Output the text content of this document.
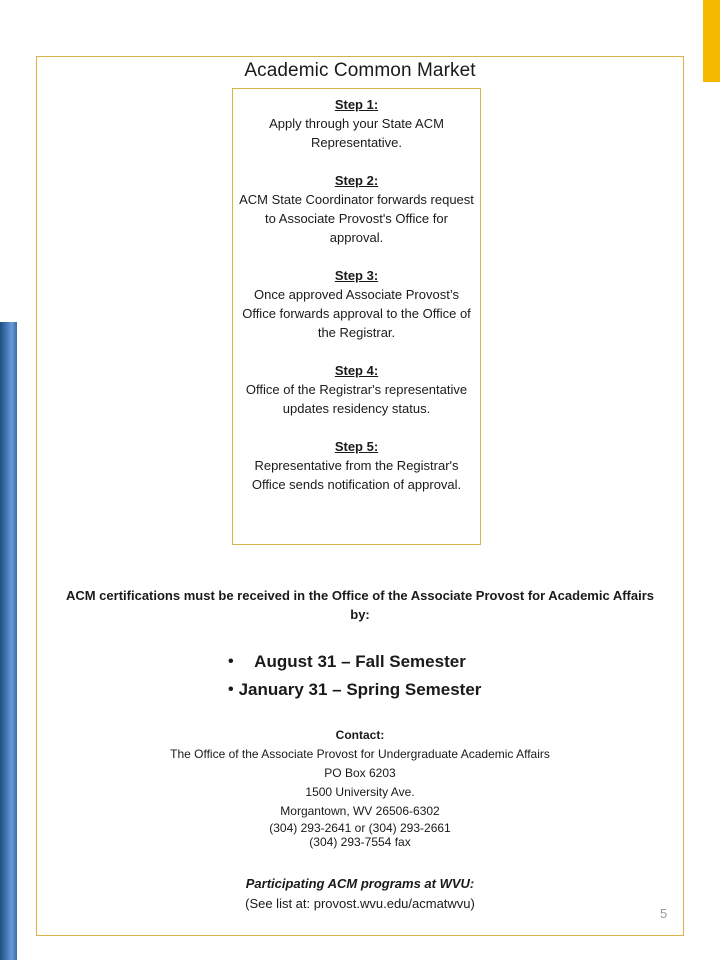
Academic Common Market
Step 1:
Apply through your State ACM Representative.
Step 2:
ACM State Coordinator forwards request to Associate Provost's Office for approval.
Step 3:
Once approved Associate Provost’s Office forwards approval to the Office of the Registrar.
Step 4:
Office of the Registrar's representative updates residency status.
Step 5:
Representative from the Registrar's Office sends notification of approval.
ACM certifications must be received in the Office of the Associate Provost for Academic Affairs by:
• August 31 – Fall Semester
• January 31 – Spring Semester
Contact:
The Office of the Associate Provost for Undergraduate Academic Affairs
PO Box 6203
1500 University Ave.
Morgantown, WV 26506-6302
(304) 293-2641 or (304) 293-2661
(304) 293-7554 fax
Participating ACM programs at WVU:
(See list at: provost.wvu.edu/acmatwvu)
5
